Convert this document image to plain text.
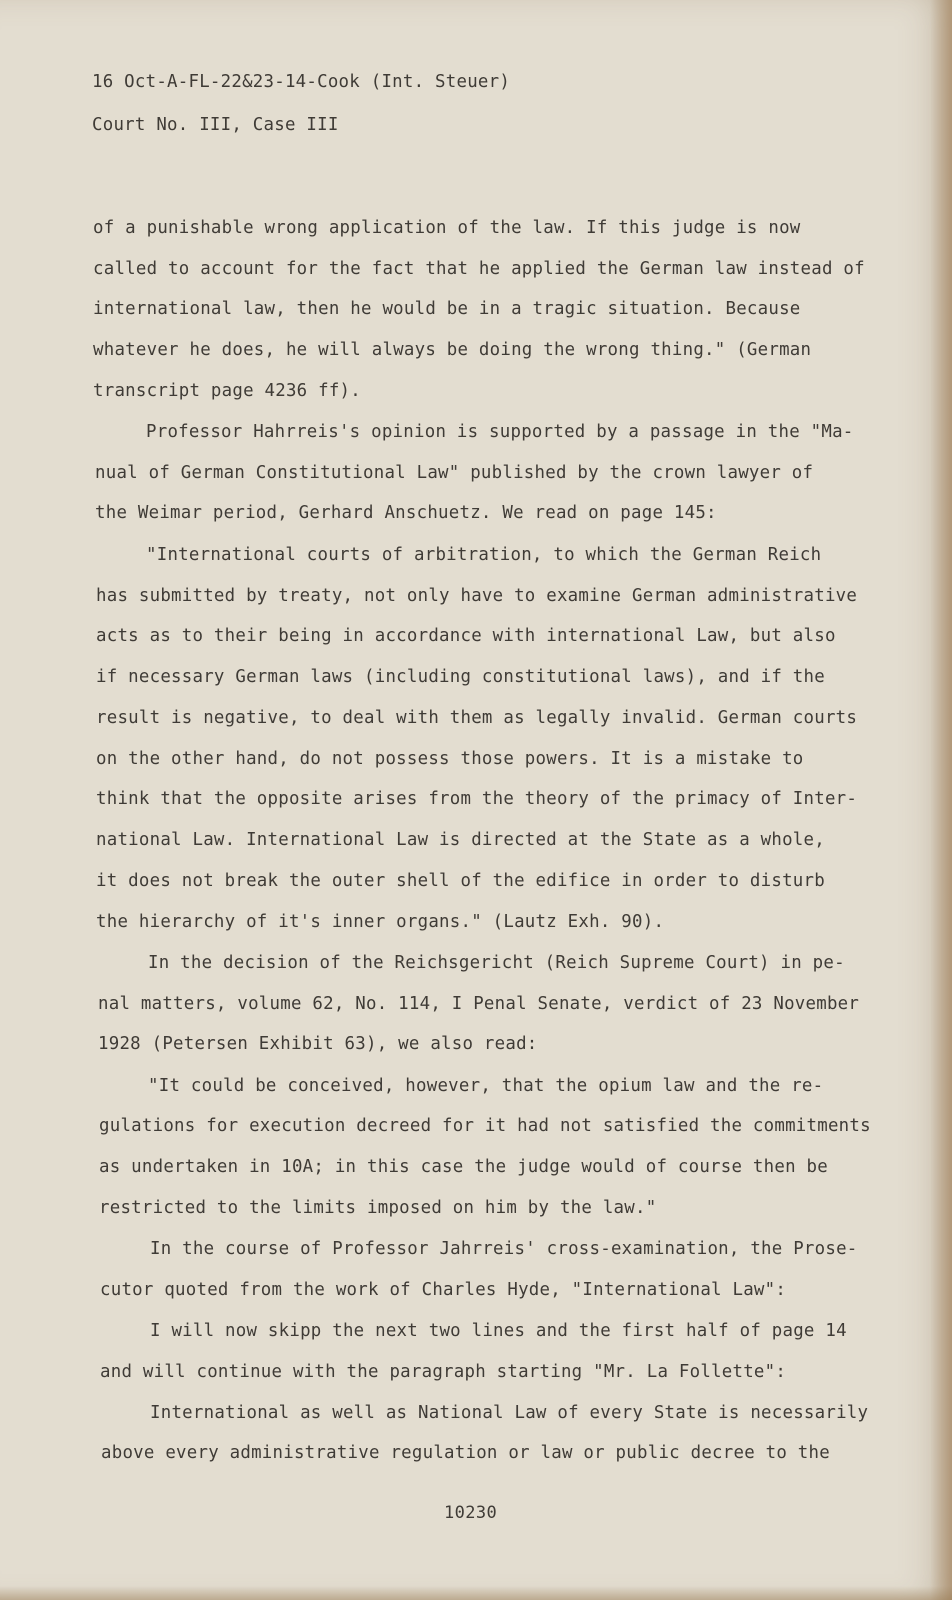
16 Oct-A-FL-22&23-14-Cook (Int. Steuer)
Court No. III, Case III
of a punishable wrong application of the law. If this judge is now
called to account for the fact that he applied the German law instead of
international law, then he would be in a tragic situation. Because
whatever he does, he will always be doing the wrong thing." (German
transcript page 4236 ff).
Professor Hahrreis's opinion is supported by a passage in the "Ma-
nual of German Constitutional Law" published by the crown lawyer of
the Weimar period, Gerhard Anschuetz. We read on page 145:
"International courts of arbitration, to which the German Reich
has submitted by treaty, not only have to examine German administrative
acts as to their being in accordance with international Law, but also
if necessary German laws (including constitutional laws), and if the
result is negative, to deal with them as legally invalid. German courts
on the other hand, do not possess those powers. It is a mistake to
think that the opposite arises from the theory of the primacy of Inter-
national Law. International Law is directed at the State as a whole,
it does not break the outer shell of the edifice in order to disturb
the hierarchy of it's inner organs." (Lautz Exh. 90).
In the decision of the Reichsgericht (Reich Supreme Court) in pe-
nal matters, volume 62, No. 114, I Penal Senate, verdict of 23 November
1928 (Petersen Exhibit 63), we also read:
"It could be conceived, however, that the opium law and the re-
gulations for execution decreed for it had not satisfied the commitments
as undertaken in 10A; in this case the judge would of course then be
restricted to the limits imposed on him by the law."
In the course of Professor Jahrreis' cross-examination, the Prose-
cutor quoted from the work of Charles Hyde, "International Law":
I will now skipp the next two lines and the first half of page 14
and will continue with the paragraph starting "Mr. La Follette":
International as well as National Law of every State is necessarily
above every administrative regulation or law or public decree to the
10230
